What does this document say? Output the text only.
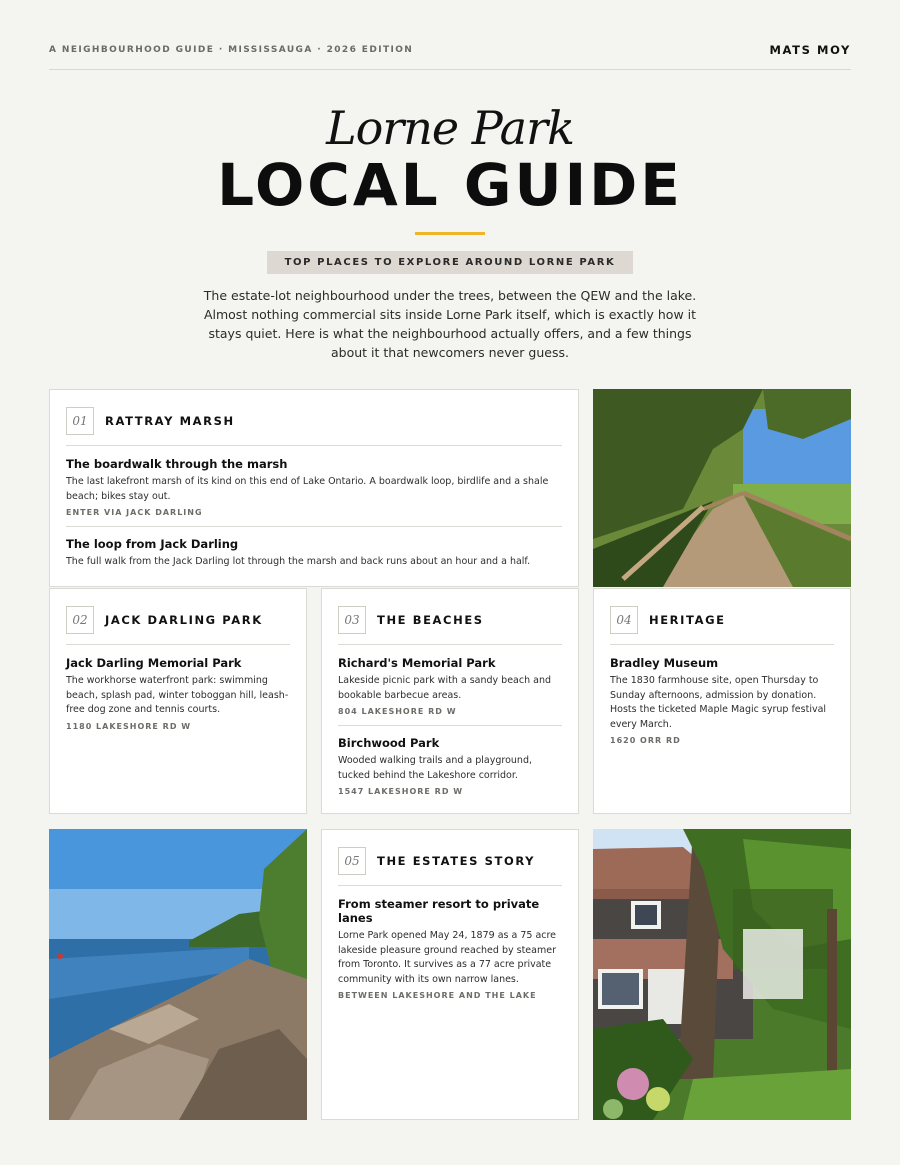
A NEIGHBOURHOOD GUIDE · MISSISSAUGA · 2026 EDITION	MATS MOY
Lorne Park
LOCAL GUIDE
TOP PLACES TO EXPLORE AROUND LORNE PARK
The estate-lot neighbourhood under the trees, between the QEW and the lake. Almost nothing commercial sits inside Lorne Park itself, which is exactly how it stays quiet. Here is what the neighbourhood actually offers, and a few things about it that newcomers never guess.
01	RATTRAY MARSH
The boardwalk through the marsh

The last lakefront marsh of its kind on this end of Lake Ontario. A boardwalk loop, birdlife and a shale beach; bikes stay out.

ENTER VIA JACK DARLING
The loop from Jack Darling

The full walk from the Jack Darling lot through the marsh and back runs about an hour and a half.

02	JACK DARLING PARK
Jack Darling Memorial Park

The workhorse waterfront park: swimming beach, splash pad, winter toboggan hill, leash-free dog zone and tennis courts.

1180 LAKESHORE RD W
03	THE BEACHES
Richard's Memorial Park

Lakeside picnic park with a sandy beach and bookable barbecue areas.

804 LAKESHORE RD W
Birchwood Park

Wooded walking trails and a playground, tucked behind the Lakeshore corridor.

1547 LAKESHORE RD W
04	HERITAGE
Bradley Museum

The 1830 farmhouse site, open Thursday to Sunday afternoons, admission by donation. Hosts the ticketed Maple Magic syrup festival every March.

1620 ORR RD
05	THE ESTATES STORY
From steamer resort to private lanes

Lorne Park opened May 24, 1879 as a 75 acre lakeside pleasure ground reached by steamer from Toronto. It survives as a 77 acre private community with its own narrow lanes.

BETWEEN LAKESHORE AND THE LAKE
